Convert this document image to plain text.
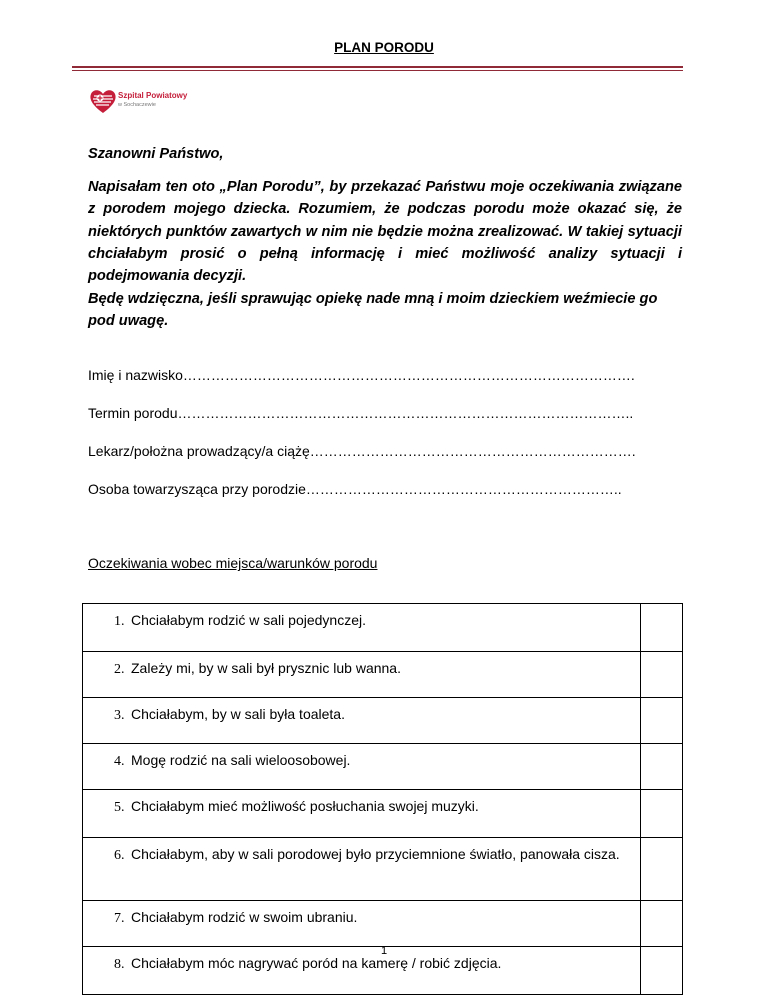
PLAN PORODU
Szpital Powiatowy
w Sochaczewie

Szanowni Państwo,

Napisałam ten oto „Plan Porodu”, by przekazać Państwu moje oczekiwania związane z porodem mojego dziecka. Rozumiem, że podczas porodu może okazać się, że niektórych punktów zawartych w nim nie będzie można zrealizować. W takiej sytuacji chciałabym prosić o pełną informację i mieć możliwość analizy sytuacji i podejmowania decyzji.

Będę wdzięczna, jeśli sprawując opiekę nade mną i moim dzieckiem weźmiecie go pod uwagę.

Imię i nazwisko…………………………………………………………………………………….
Termin porodu……………………………………………………………………………………..
Lekarz/położna prowadzący/a ciążę…………………………………………………………….
Osoba towarzysząca przy porodzie…………………………………………………………..
Oczekiwania wobec miejsca/warunków porodu
1. Chciałabym rodzić w sali pojedynczej.	

2. Zależy mi, by w sali był prysznic lub wanna.	

3. Chciałabym, by w sali była toaleta.	

4. Mogę rodzić na sali wieloosobowej.	

5. Chciałabym mieć możliwość posłuchania swojej muzyki.	

6. Chciałabym, aby w sali porodowej było przyciemnione światło, panowała cisza.	

7. Chciałabym rodzić w swoim ubraniu.	

8. Chciałabym móc nagrywać poród na kamerę / robić zdjęcia.	

1
